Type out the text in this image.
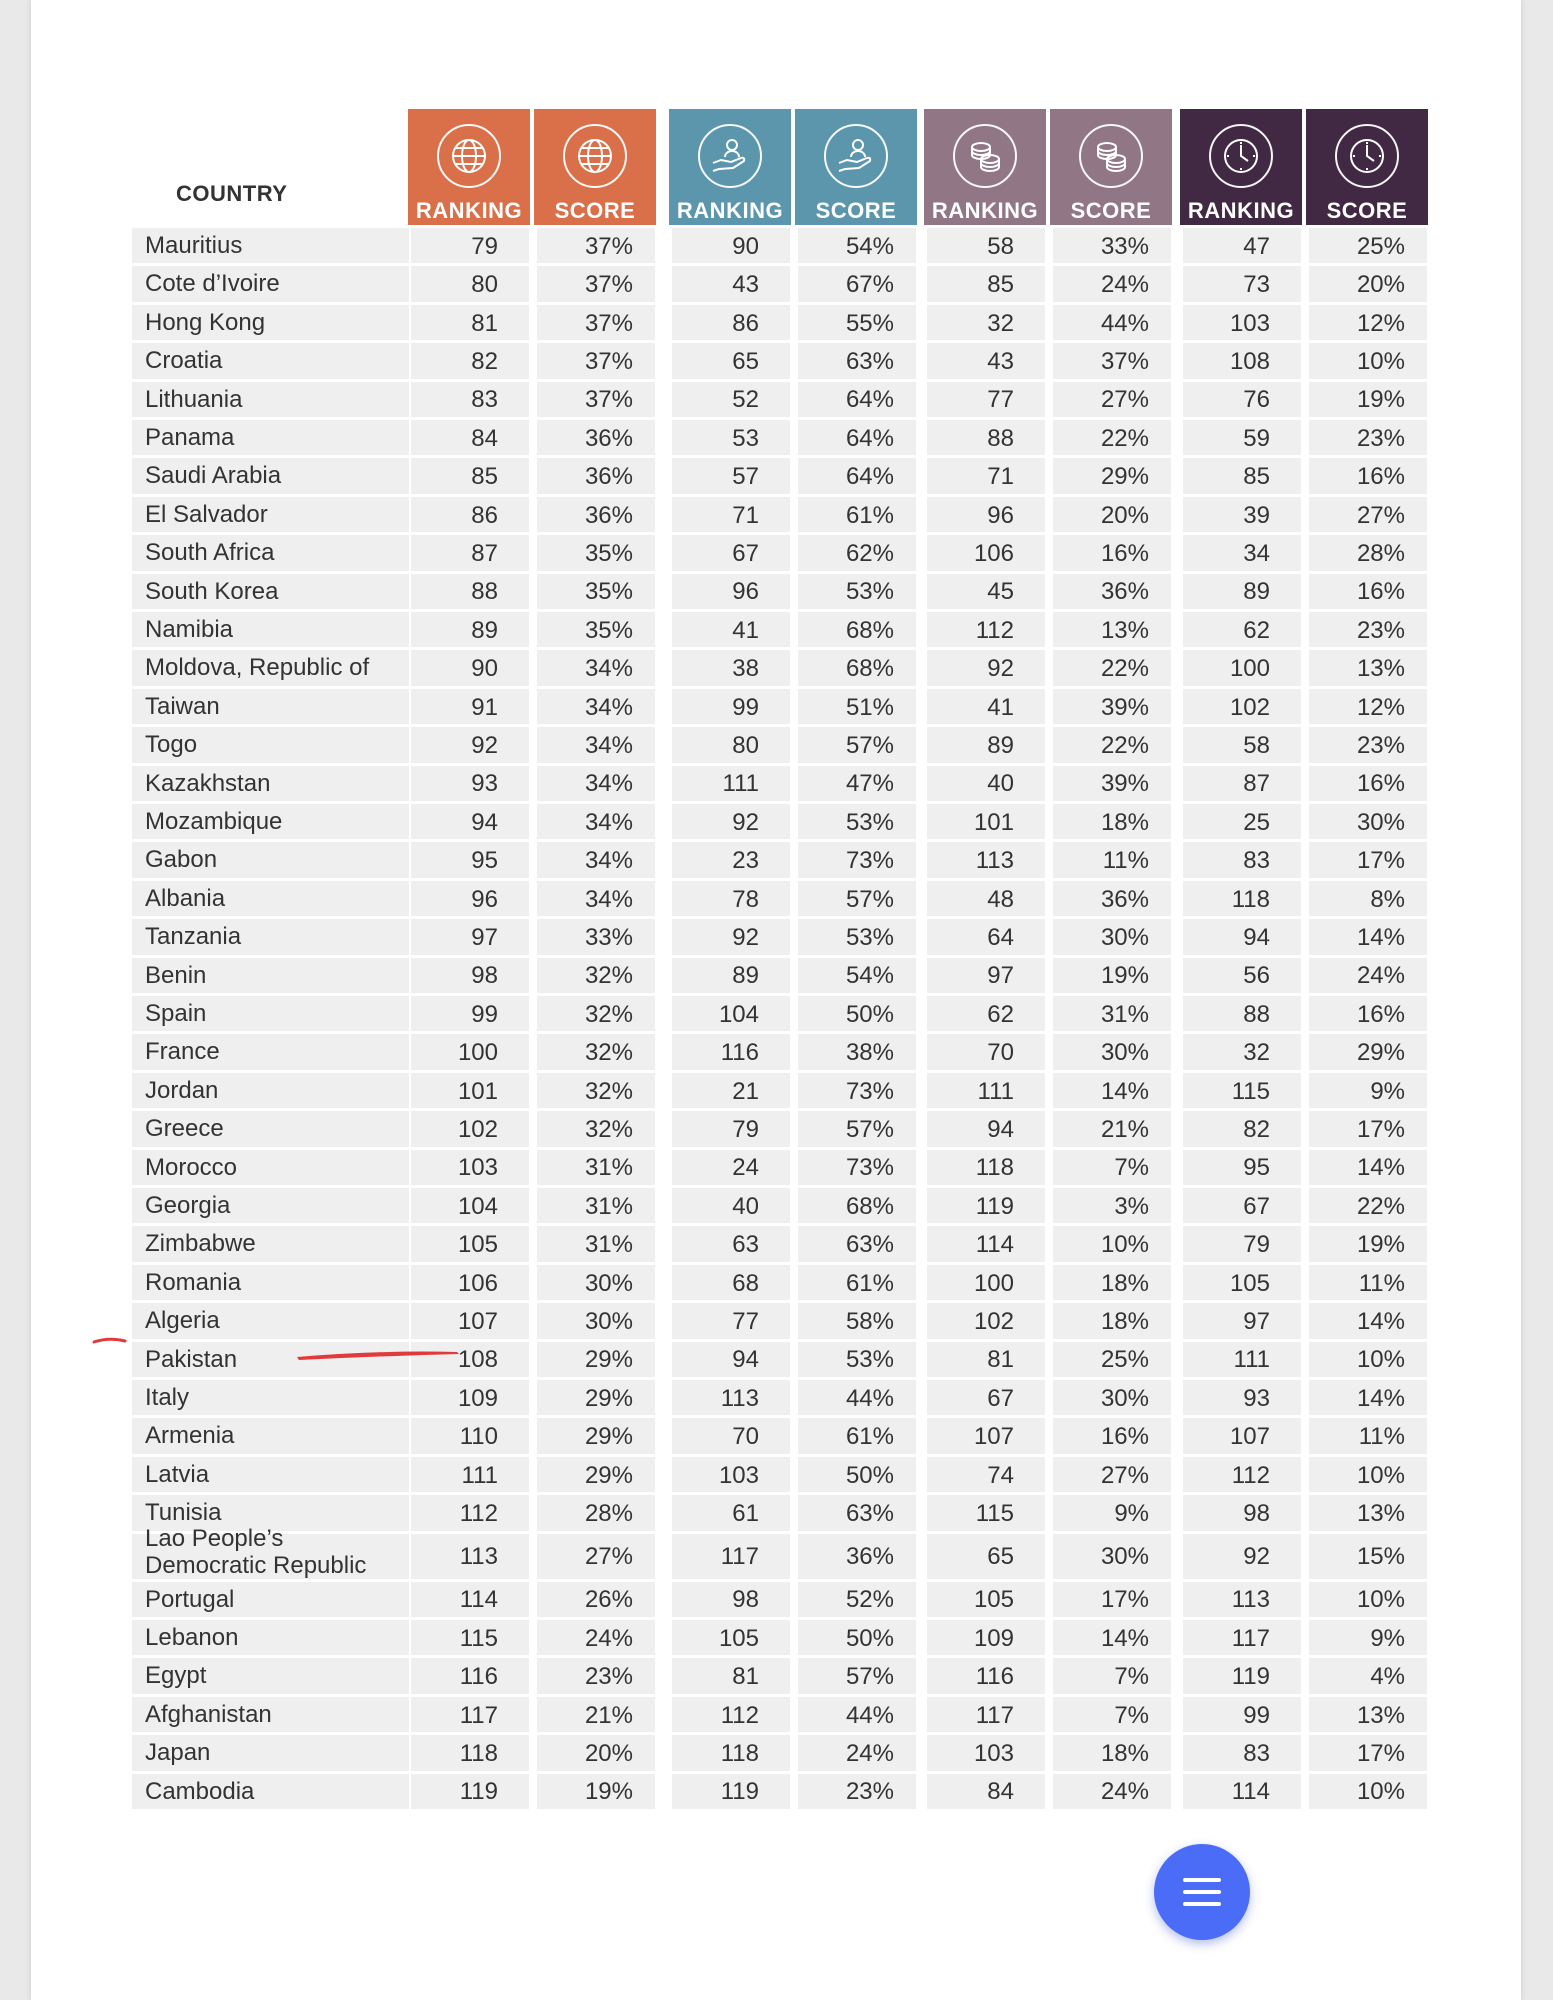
COUNTRY
RANKING SCORE RANKING SCORE RANKING SCORE RANKING SCORE
Mauritius	79	37%	90	54%	58	33%	47	25%
Cote d’Ivoire	80	37%	43	67%	85	24%	73	20%
Hong Kong	81	37%	86	55%	32	44%	103	12%
Croatia	82	37%	65	63%	43	37%	108	10%
Lithuania	83	37%	52	64%	77	27%	76	19%
Panama	84	36%	53	64%	88	22%	59	23%
Saudi Arabia	85	36%	57	64%	71	29%	85	16%
El Salvador	86	36%	71	61%	96	20%	39	27%
South Africa	87	35%	67	62%	106	16%	34	28%
South Korea	88	35%	96	53%	45	36%	89	16%
Namibia	89	35%	41	68%	112	13%	62	23%
Moldova, Republic of	90	34%	38	68%	92	22%	100	13%
Taiwan	91	34%	99	51%	41	39%	102	12%
Togo	92	34%	80	57%	89	22%	58	23%
Kazakhstan	93	34%	111	47%	40	39%	87	16%
Mozambique	94	34%	92	53%	101	18%	25	30%
Gabon	95	34%	23	73%	113	11%	83	17%
Albania	96	34%	78	57%	48	36%	118	8%
Tanzania	97	33%	92	53%	64	30%	94	14%
Benin	98	32%	89	54%	97	19%	56	24%
Spain	99	32%	104	50%	62	31%	88	16%
France	100	32%	116	38%	70	30%	32	29%
Jordan	101	32%	21	73%	111	14%	115	9%
Greece	102	32%	79	57%	94	21%	82	17%
Morocco	103	31%	24	73%	118	7%	95	14%
Georgia	104	31%	40	68%	119	3%	67	22%
Zimbabwe	105	31%	63	63%	114	10%	79	19%
Romania	106	30%	68	61%	100	18%	105	11%
Algeria	107	30%	77	58%	102	18%	97	14%
Pakistan	108	29%	94	53%	81	25%	111	10%
Italy	109	29%	113	44%	67	30%	93	14%
Armenia	110	29%	70	61%	107	16%	107	11%
Latvia	111	29%	103	50%	74	27%	112	10%
Tunisia	112	28%	61	63%	115	9%	98	13%
Lao People’s
Democratic Republic	113	27%	117	36%	65	30%	92	15%
Portugal	114	26%	98	52%	105	17%	113	10%
Lebanon	115	24%	105	50%	109	14%	117	9%
Egypt	116	23%	81	57%	116	7%	119	4%
Afghanistan	117	21%	112	44%	117	7%	99	13%
Japan	118	20%	118	24%	103	18%	83	17%
Cambodia	119	19%	119	23%	84	24%	114	10%
